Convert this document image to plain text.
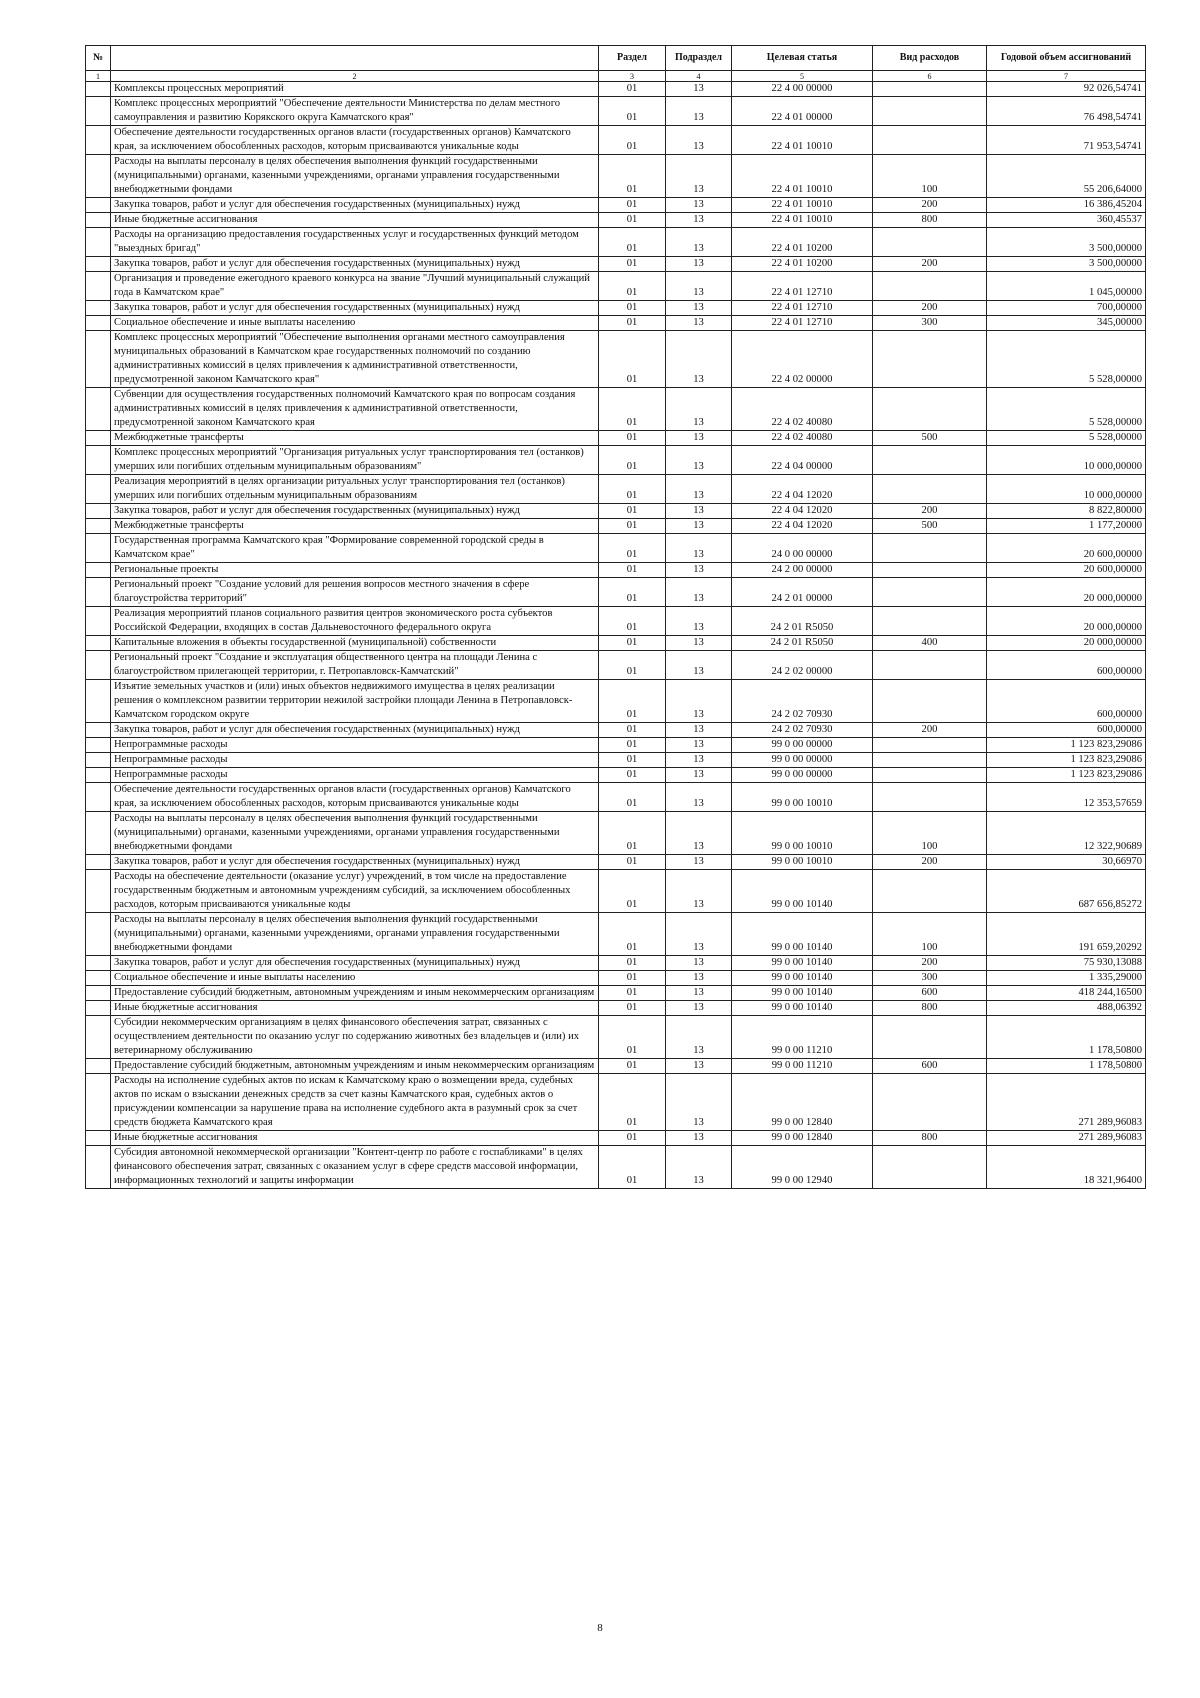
№		Раздел	Подраздел	Целевая статья	Вид расходов	Годовой объем ассигнований
1	2	3	4	5	6	7
	Комплексы процессных мероприятий	01	13	22 4 00 00000		92 026,54741
	Комплекс процессных мероприятий "Обеспечение деятельности Министерства по делам местного самоуправления и развитию Корякского округа Камчатского края"	01	13	22 4 01 00000		76 498,54741
	Обеспечение деятельности государственных органов власти (государственных органов) Камчатского края, за исключением обособленных расходов, которым присваиваются уникальные коды	01	13	22 4 01 10010		71 953,54741
	Расходы на выплаты персоналу в целях обеспечения выполнения функций государственными (муниципальными) органами, казенными учреждениями, органами управления государственными внебюджетными фондами	01	13	22 4 01 10010	100	55 206,64000
	Закупка товаров, работ и услуг для обеспечения государственных (муниципальных) нужд	01	13	22 4 01 10010	200	16 386,45204
	Иные бюджетные ассигнования	01	13	22 4 01 10010	800	360,45537
	Расходы на организацию предоставления государственных услуг и государственных функций методом "выездных бригад"	01	13	22 4 01 10200		3 500,00000
	Закупка товаров, работ и услуг для обеспечения государственных (муниципальных) нужд	01	13	22 4 01 10200	200	3 500,00000
	Организация и проведение ежегодного краевого конкурса на звание "Лучший муниципальный служащий года в Камчатском крае"	01	13	22 4 01 12710		1 045,00000
	Закупка товаров, работ и услуг для обеспечения государственных (муниципальных) нужд	01	13	22 4 01 12710	200	700,00000
	Социальное обеспечение и иные выплаты населению	01	13	22 4 01 12710	300	345,00000
	Комплекс процессных мероприятий "Обеспечение выполнения органами местного самоуправления муниципальных образований в Камчатском крае государственных полномочий по созданию административных комиссий в целях привлечения к административной ответственности, предусмотренной законом Камчатского края"	01	13	22 4 02 00000		5 528,00000
	Субвенции для осуществления государственных полномочий Камчатского края по вопросам создания административных комиссий в целях привлечения к административной ответственности, предусмотренной законом Камчатского края	01	13	22 4 02 40080		5 528,00000
	Межбюджетные трансферты	01	13	22 4 02 40080	500	5 528,00000
	Комплекс процессных мероприятий "Организация ритуальных услуг транспортирования тел (останков) умерших или погибших отдельным муниципальным образованиям"	01	13	22 4 04 00000		10 000,00000
	Реализация мероприятий в целях организации ритуальных услуг транспортирования тел (останков) умерших или погибших отдельным муниципальным образованиям	01	13	22 4 04 12020		10 000,00000
	Закупка товаров, работ и услуг для обеспечения государственных (муниципальных) нужд	01	13	22 4 04 12020	200	8 822,80000
	Межбюджетные трансферты	01	13	22 4 04 12020	500	1 177,20000
	Государственная программа Камчатского края "Формирование современной городской среды в Камчатском крае"	01	13	24 0 00 00000		20 600,00000
	Региональные проекты	01	13	24 2 00 00000		20 600,00000
	Региональный проект "Создание условий для решения вопросов местного значения в сфере благоустройства территорий"	01	13	24 2 01 00000		20 000,00000
	Реализация мероприятий планов социального развития центров экономического роста субъектов Российской Федерации, входящих в состав Дальневосточного федерального округа	01	13	24 2 01 R5050		20 000,00000
	Капитальные вложения в объекты государственной (муниципальной) собственности	01	13	24 2 01 R5050	400	20 000,00000
	Региональный проект "Создание и эксплуатация общественного центра на площади Ленина с благоустройством прилегающей территории, г. Петропавловск-Камчатский"	01	13	24 2 02 00000		600,00000
	Изъятие земельных участков и (или) иных объектов недвижимого имущества в целях реализации решения о комплексном развитии территории нежилой застройки площади Ленина в Петропавловск-Камчатском городском округе	01	13	24 2 02 70930		600,00000
	Закупка товаров, работ и услуг для обеспечения государственных (муниципальных) нужд	01	13	24 2 02 70930	200	600,00000
	Непрограммные расходы	01	13	99 0 00 00000		1 123 823,29086
	Непрограммные расходы	01	13	99 0 00 00000		1 123 823,29086
	Непрограммные расходы	01	13	99 0 00 00000		1 123 823,29086
	Обеспечение деятельности государственных органов власти (государственных органов) Камчатского края, за исключением обособленных расходов, которым присваиваются уникальные коды	01	13	99 0 00 10010		12 353,57659
	Расходы на выплаты персоналу в целях обеспечения выполнения функций государственными (муниципальными) органами, казенными учреждениями, органами управления государственными внебюджетными фондами	01	13	99 0 00 10010	100	12 322,90689
	Закупка товаров, работ и услуг для обеспечения государственных (муниципальных) нужд	01	13	99 0 00 10010	200	30,66970
	Расходы на обеспечение деятельности (оказание услуг) учреждений, в том числе на предоставление государственным бюджетным и автономным учреждениям субсидий, за исключением обособленных расходов, которым присваиваются уникальные коды	01	13	99 0 00 10140		687 656,85272
	Расходы на выплаты персоналу в целях обеспечения выполнения функций государственными (муниципальными) органами, казенными учреждениями, органами управления государственными внебюджетными фондами	01	13	99 0 00 10140	100	191 659,20292
	Закупка товаров, работ и услуг для обеспечения государственных (муниципальных) нужд	01	13	99 0 00 10140	200	75 930,13088
	Социальное обеспечение и иные выплаты населению	01	13	99 0 00 10140	300	1 335,29000
	Предоставление субсидий бюджетным, автономным учреждениям и иным некоммерческим организациям	01	13	99 0 00 10140	600	418 244,16500
	Иные бюджетные ассигнования	01	13	99 0 00 10140	800	488,06392
	Субсидии некоммерческим организациям в целях финансового обеспечения затрат, связанных с осуществлением деятельности по оказанию услуг по содержанию животных без владельцев и (или) их ветеринарному обслуживанию	01	13	99 0 00 11210		1 178,50800
	Предоставление субсидий бюджетным, автономным учреждениям и иным некоммерческим организациям	01	13	99 0 00 11210	600	1 178,50800
	Расходы на исполнение судебных актов по искам к Камчатскому краю о возмещении вреда, судебных актов по искам о взыскании денежных средств за счет казны Камчатского края, судебных актов о присуждении компенсации за нарушение права на исполнение судебного акта в разумный срок за счет средств бюджета Камчатского края	01	13	99 0 00 12840		271 289,96083
	Иные бюджетные ассигнования	01	13	99 0 00 12840	800	271 289,96083
	Субсидия автономной некоммерческой организации "Контент-центр по работе с госпабликами" в целях финансового обеспечения затрат, связанных с оказанием услуг в сфере средств массовой информации, информационных технологий и защиты информации	01	13	99 0 00 12940		18 321,96400
8
